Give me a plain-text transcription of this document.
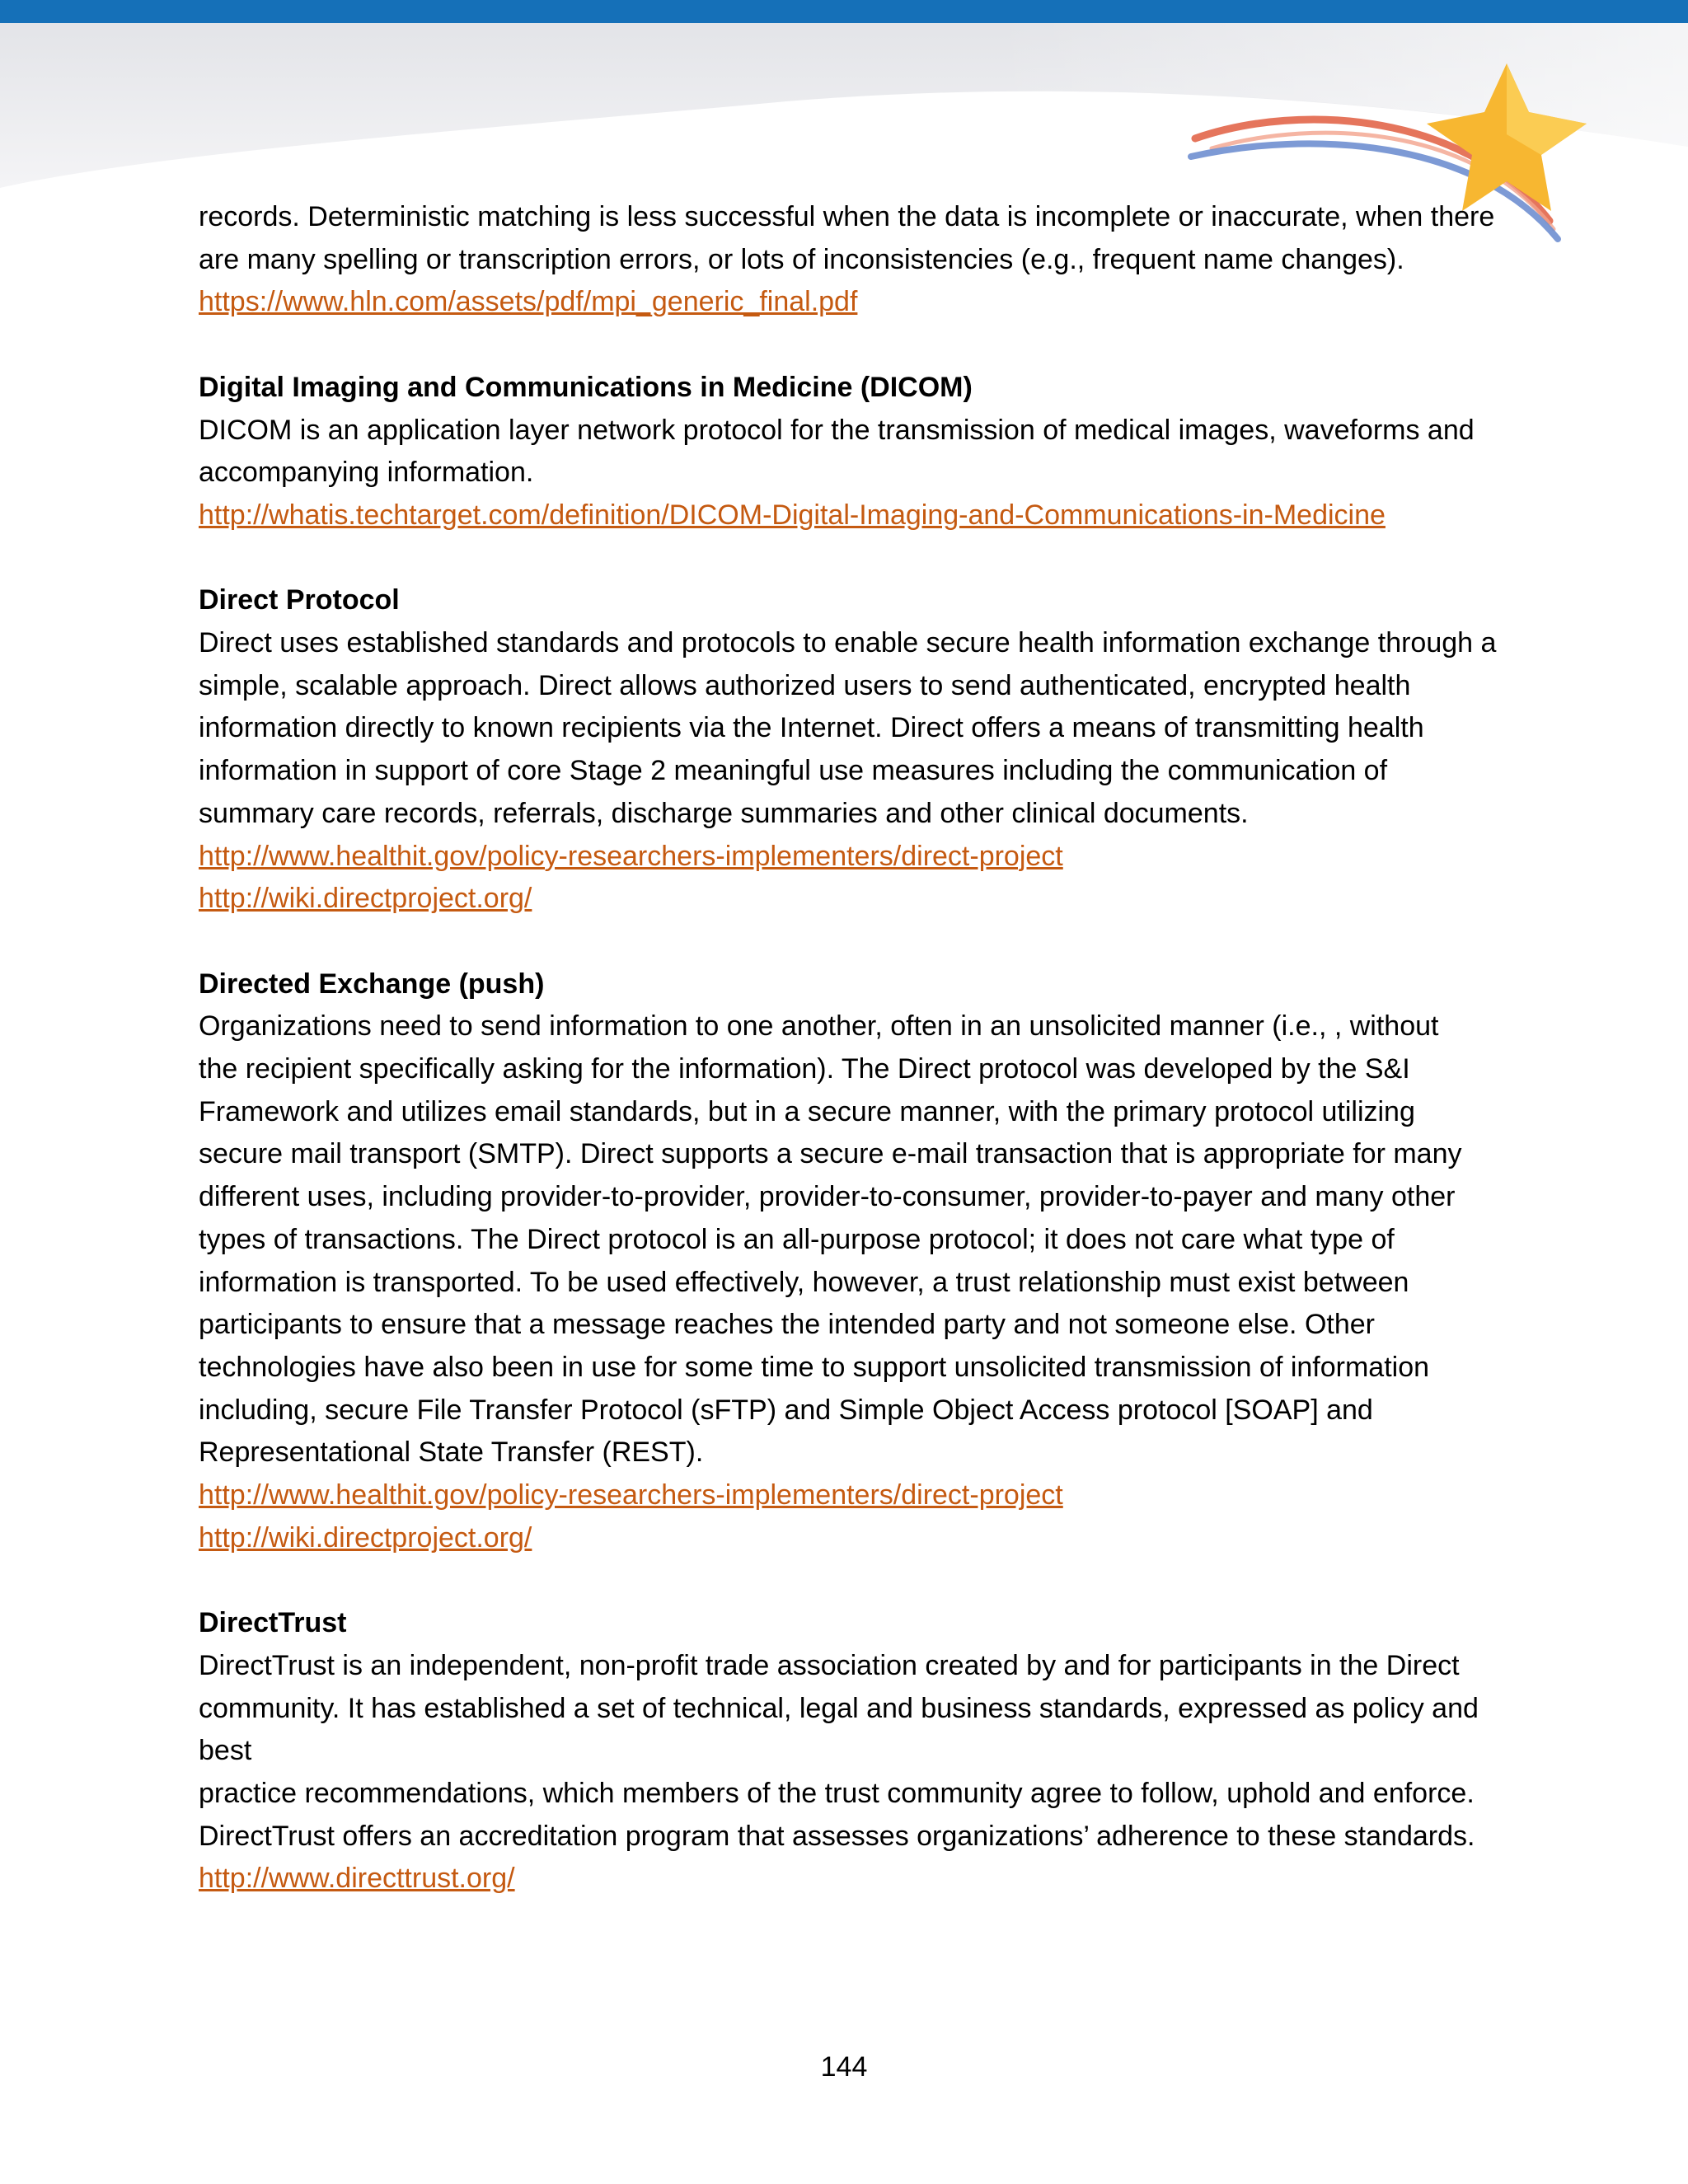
records. Deterministic matching is less successful when the data is incomplete or inaccurate, when there

are many spelling or transcription errors, or lots of inconsistencies (e.g., frequent name changes).

https://www.hln.com/assets/pdf/mpi_generic_final.pdf

Digital Imaging and Communications in Medicine (DICOM)

DICOM is an application layer network protocol for the transmission of medical images, waveforms and

accompanying information.

http://whatis.techtarget.com/definition/DICOM-Digital-Imaging-and-Communications-in-Medicine

Direct Protocol

Direct uses established standards and protocols to enable secure health information exchange through a

simple, scalable approach. Direct allows authorized users to send authenticated, encrypted health

information directly to known recipients via the Internet. Direct offers a means of transmitting health

information in support of core Stage 2 meaningful use measures including the communication of

summary care records, referrals, discharge summaries and other clinical documents.

http://www.healthit.gov/policy-researchers-implementers/direct-project
http://wiki.directproject.org/

Directed Exchange (push)

Organizations need to send information to one another, often in an unsolicited manner (i.e., , without

the recipient specifically asking for the information). The Direct protocol was developed by the S&I

Framework and utilizes email standards, but in a secure manner, with the primary protocol utilizing

secure mail transport (SMTP). Direct supports a secure e-mail transaction that is appropriate for many

different uses, including provider-to-provider, provider-to-consumer, provider-to-payer and many other

types of transactions. The Direct protocol is an all-purpose protocol; it does not care what type of

information is transported. To be used effectively, however, a trust relationship must exist between

participants to ensure that a message reaches the intended party and not someone else. Other

technologies have also been in use for some time to support unsolicited transmission of information

including, secure File Transfer Protocol (sFTP) and Simple Object Access protocol [SOAP] and

Representational State Transfer (REST).

http://www.healthit.gov/policy-researchers-implementers/direct-project
http://wiki.directproject.org/

DirectTrust

DirectTrust is an independent, non-profit trade association created by and for participants in the Direct

community. It has established a set of technical, legal and business standards, expressed as policy and best

practice recommendations, which members of the trust community agree to follow, uphold and enforce.

DirectTrust offers an accreditation program that assesses organizations’ adherence to these standards.

http://www.directtrust.org/
144
